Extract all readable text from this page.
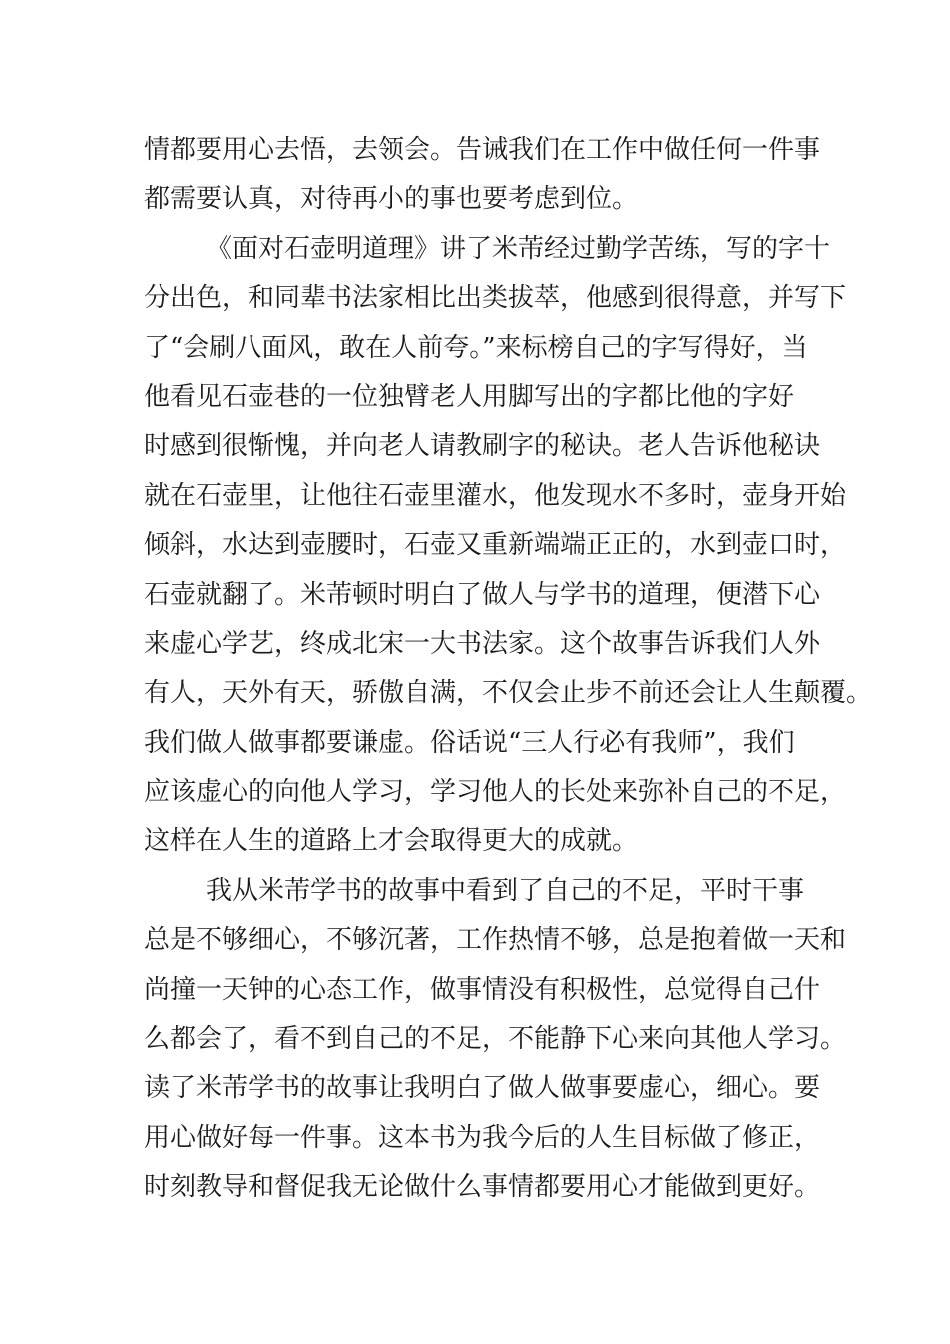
情都要用心去悟，去领会。告诫我们在工作中做任何一件事
都需要认真，对待再小的事也要考虑到位。
《面对石壶明道理》讲了米芾经过勤学苦练，写的字十
分出色，和同辈书法家相比出类拔萃，他感到很得意，并写下
了“会刷八面风，敢在人前夸。”来标榜自己的字写得好，当
他看见石壶巷的一位独臂老人用脚写出的字都比他的字好
时感到很惭愧，并向老人请教刷字的秘诀。老人告诉他秘诀
就在石壶里，让他往石壶里灌水，他发现水不多时，壶身开始
倾斜，水达到壶腰时，石壶又重新端端正正的，水到壶口时，
石壶就翻了。米芾顿时明白了做人与学书的道理，便潜下心
来虚心学艺，终成北宋一大书法家。这个故事告诉我们人外
有人，天外有天，骄傲自满，不仅会止步不前还会让人生颠覆。
我们做人做事都要谦虚。俗话说“三人行必有我师”，我们
应该虚心的向他人学习，学习他人的长处来弥补自己的不足，
这样在人生的道路上才会取得更大的成就。
我从米芾学书的故事中看到了自己的不足，平时干事
总是不够细心，不够沉著，工作热情不够，总是抱着做一天和
尚撞一天钟的心态工作，做事情没有积极性，总觉得自己什
么都会了，看不到自己的不足，不能静下心来向其他人学习。
读了米芾学书的故事让我明白了做人做事要虚心，细心。要
用心做好每一件事。这本书为我今后的人生目标做了修正，
时刻教导和督促我无论做什么事情都要用心才能做到更好。
